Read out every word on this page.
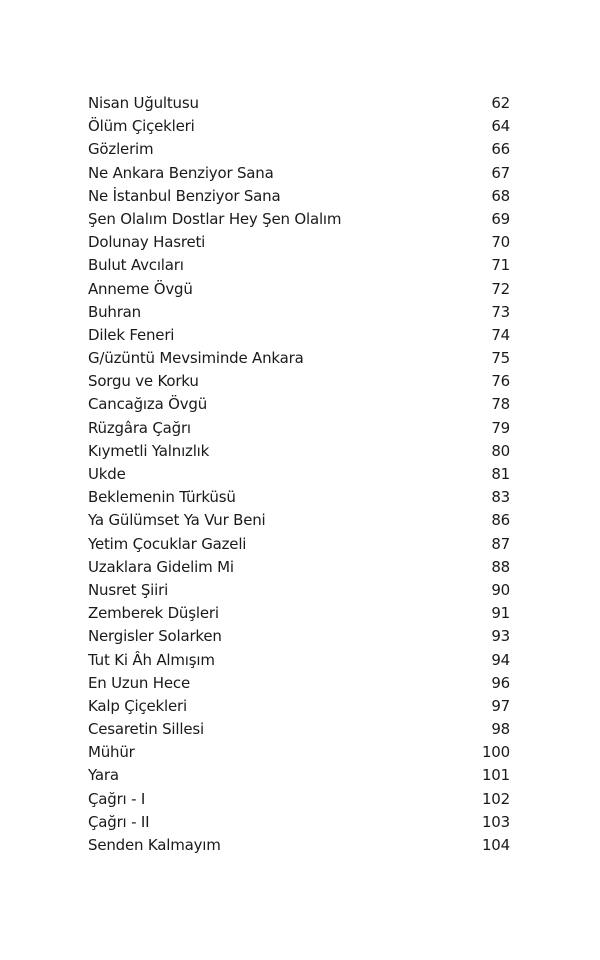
Nisan Uğultusu	62
Ölüm Çiçekleri	64
Gözlerim	66
Ne Ankara Benziyor Sana	67
Ne İstanbul Benziyor Sana	68
Şen Olalım Dostlar Hey Şen Olalım	69
Dolunay Hasreti	70
Bulut Avcıları	71
Anneme Övgü	72
Buhran	73
Dilek Feneri	74
G/üzüntü Mevsiminde Ankara	75
Sorgu ve Korku	76
Cancağıza Övgü	78
Rüzgâra Çağrı	79
Kıymetli Yalnızlık	80
Ukde	81
Beklemenin Türküsü	83
Ya Gülümset Ya Vur Beni	86
Yetim Çocuklar Gazeli	87
Uzaklara Gidelim Mi	88
Nusret Şiiri	90
Zemberek Düşleri	91
Nergisler Solarken	93
Tut Ki Âh Almışım	94
En Uzun Hece	96
Kalp Çiçekleri	97
Cesaretin Sillesi	98
Mühür	100
Yara	101
Çağrı - I	102
Çağrı - II	103
Senden Kalmayım	104
